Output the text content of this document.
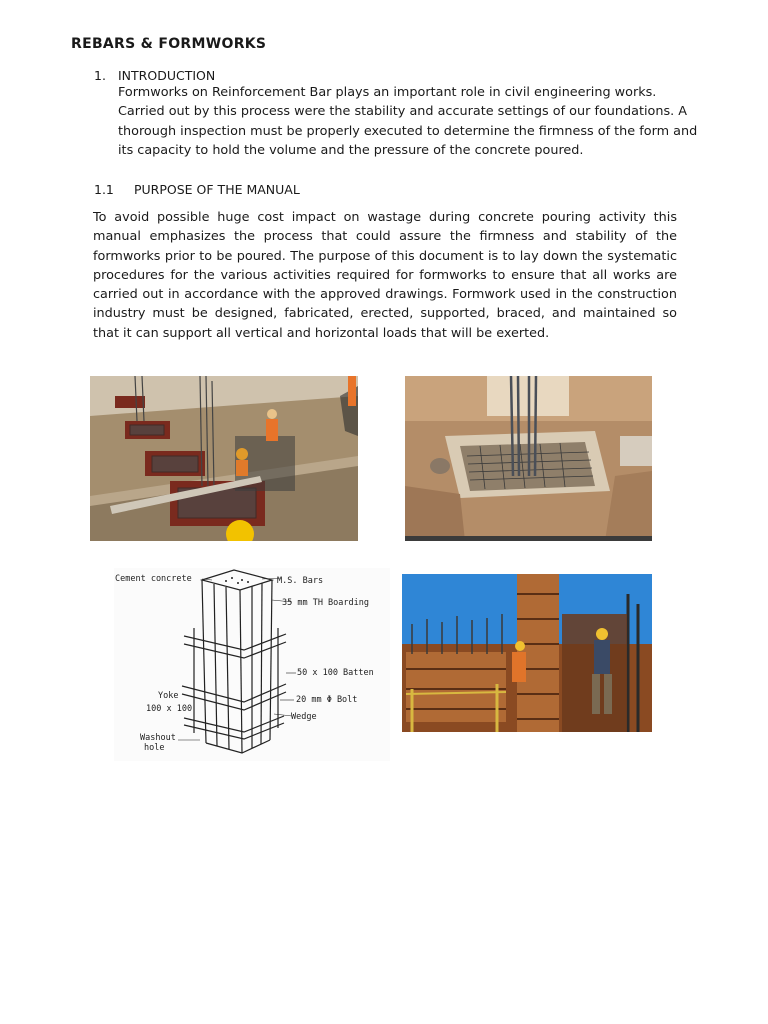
REBARS & FORMWORKS
1. INTRODUCTION
Formworks on Reinforcement Bar plays an important role in civil engineering works. Carried out by this process were the stability and accurate settings of our foundations. A thorough inspection must be properly executed to determine the firmness of the form and its capacity to hold the volume and the pressure of the concrete poured.
1.1 PURPOSE OF THE MANUAL
To avoid possible huge cost impact on wastage during concrete pouring activity this manual emphasizes the process that could assure the firmness and stability of the formworks prior to be poured. The purpose of this document is to lay down the systematic procedures for the various activities required for formworks to ensure that all works are carried out in accordance with the approved drawings. Formwork used in the construction industry must be designed, fabricated, erected, supported, braced, and maintained so that it can support all vertical and horizontal loads that will be exerted.
Cement concrete	M.S. Bars
35 mm TH Boarding
50 x 100 Batten
20 mm Φ Bolt
Wedge
Yoke
100 x 100
Washout
hole
